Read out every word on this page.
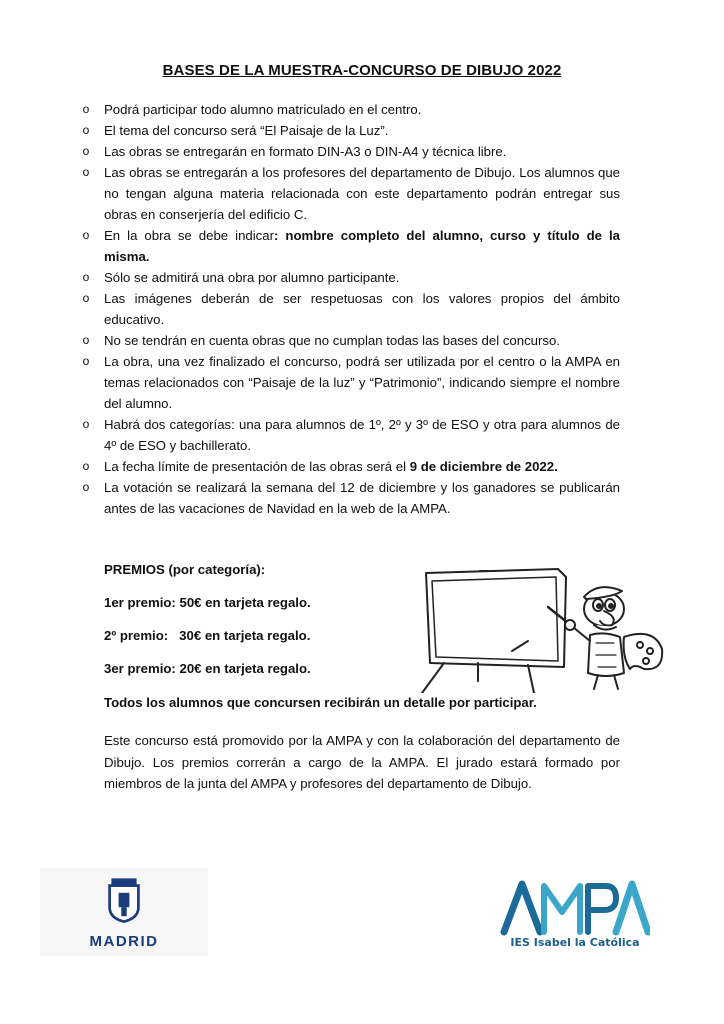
BASES DE LA MUESTRA-CONCURSO DE DIBUJO 2022
o Podrá participar todo alumno matriculado en el centro.
o El tema del concurso será “El Paisaje de la Luz”.
o Las obras se entregarán en formato DIN-A3 o DIN-A4 y técnica libre.
o Las obras se entregarán a los profesores del departamento de Dibujo. Los alumnos que no tengan alguna materia relacionada con este departamento podrán entregar sus obras en conserjería del edificio C.
o En la obra se debe indicar: nombre completo del alumno, curso y título de la misma.
o Sólo se admitirá una obra por alumno participante.
o Las imágenes deberán de ser respetuosas con los valores propios del ámbito educativo.
o No se tendrán en cuenta obras que no cumplan todas las bases del concurso.
o La obra, una vez finalizado el concurso, podrá ser utilizada por el centro o la AMPA en temas relacionados con “Paisaje de la luz” y “Patrimonio”, indicando siempre el nombre del alumno.
o Habrá dos categorías: una para alumnos de 1º, 2º y 3º de ESO y otra para alumnos de 4º de ESO y bachillerato.
o La fecha límite de presentación de las obras será el 9 de diciembre de 2022.
o La votación se realizará la semana del 12 de diciembre y los ganadores se publicarán antes de las vacaciones de Navidad en la web de la AMPA.
PREMIOS (por categoría):
1er premio: 50€ en tarjeta regalo.
2º premio:   30€ en tarjeta regalo.
3er premio: 20€ en tarjeta regalo.
Todos los alumnos que concursen recibirán un detalle por participar.
Este concurso está promovido por la AMPA y con la colaboración del departamento de Dibujo. Los premios correrán a cargo de la AMPA. El jurado estará formado por miembros de la junta del AMPA y profesores del departamento de Dibujo.
MADRID	IES Isabel la Católica
